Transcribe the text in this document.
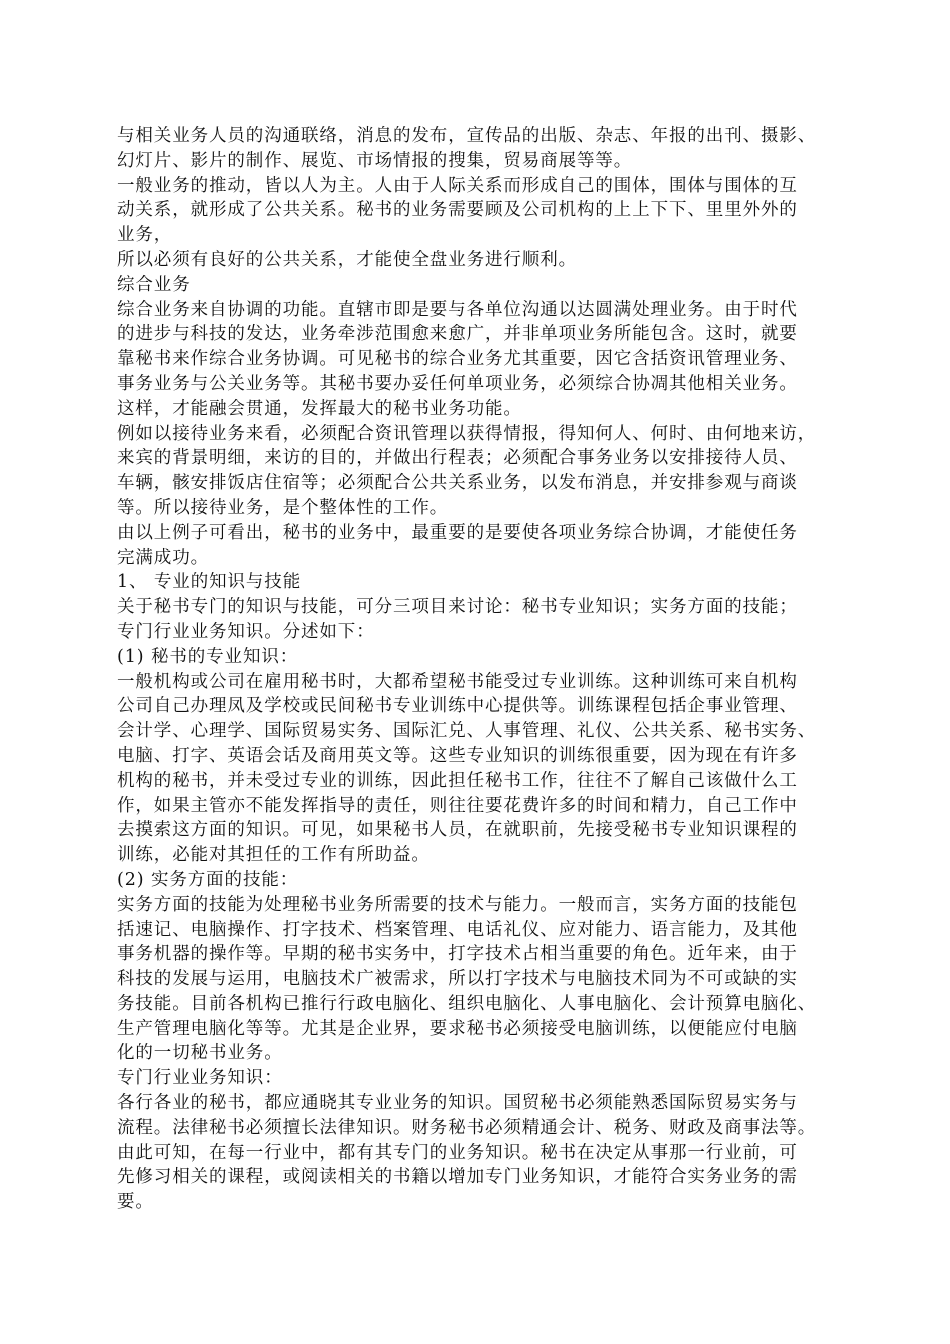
与相关业务人员的沟通联络，消息的发布，宣传品的出版、杂志、年报的出刊、摄影、
幻灯片、影片的制作、展览、市场情报的搜集，贸易商展等等。
一般业务的推动，皆以人为主。人由于人际关系而形成自己的围体，围体与围体的互
动关系，就形成了公共关系。秘书的业务需要顾及公司机构的上上下下、里里外外的
业务，
所以必须有良好的公共关系，才能使全盘业务进行顺利。
综合业务
综合业务来自协调的功能。直辖市即是要与各单位沟通以达圆满处理业务。由于时代
的进步与科技的发达，业务牵涉范围愈来愈广，并非单项业务所能包含。这时，就要
靠秘书来作综合业务协调。可见秘书的综合业务尤其重要，因它含括资讯管理业务、
事务业务与公关业务等。其秘书要办妥任何单项业务，必须综合协凋其他相关业务。
这样，才能融会贯通，发挥最大的秘书业务功能。
例如以接待业务来看，必须配合资讯管理以获得情报，得知何人、何时、由何地来访，
来宾的背景明细，来访的目的，并做出行程表；必须配合事务业务以安排接待人员、
车辆，骸安排饭店住宿等；必须配合公共关系业务，以发布消息，并安排参观与商谈
等。所以接待业务，是个整体性的工作。
由以上例子可看出，秘书的业务中，最重要的是要使各项业务综合协调，才能使任务
完满成功。
1、 专业的知识与技能
关于秘书专门的知识与技能，可分三项目来讨论：秘书专业知识；实务方面的技能；
专门行业业务知识。分述如下：
(1) 秘书的专业知识：
一般机构或公司在雇用秘书时，大都希望秘书能受过专业训练。这种训练可来自机构
公司自己办理凤及学校或民间秘书专业训练中心提供等。训练课程包括企事业管理、
会计学、心理学、国际贸易实务、国际汇兑、人事管理、礼仪、公共关系、秘书实务、
电脑、打字、英语会话及商用英文等。这些专业知识的训练很重要，因为现在有许多
机构的秘书，并未受过专业的训练，因此担任秘书工作，往往不了解自己该做什么工
作，如果主管亦不能发挥指导的责任，则往往要花费许多的时间和精力，自己工作中
去摸索这方面的知识。可见，如果秘书人员，在就职前，先接受秘书专业知识课程的
训练，必能对其担任的工作有所助益。
(2) 实务方面的技能：
实务方面的技能为处理秘书业务所需要的技术与能力。一般而言，实务方面的技能包
括速记、电脑操作、打字技术、档案管理、电话礼仪、应对能力、语言能力，及其他
事务机器的操作等。早期的秘书实务中，打字技术占相当重要的角色。近年来，由于
科技的发展与运用，电脑技术广被需求，所以打字技术与电脑技术同为不可或缺的实
务技能。目前各机构已推行行政电脑化、组织电脑化、人事电脑化、会计预算电脑化、
生产管理电脑化等等。尤其是企业界，要求秘书必须接受电脑训练，以便能应付电脑
化的一切秘书业务。
专门行业业务知识：
各行各业的秘书，都应通晓其专业业务的知识。国贸秘书必须能熟悉国际贸易实务与
流程。法律秘书必须擅长法律知识。财务秘书必须精通会计、税务、财政及商事法等。
由此可知，在每一行业中，都有其专门的业务知识。秘书在决定从事那一行业前，可
先修习相关的课程，或阅读相关的书籍以增加专门业务知识，才能符合实务业务的需
要。
